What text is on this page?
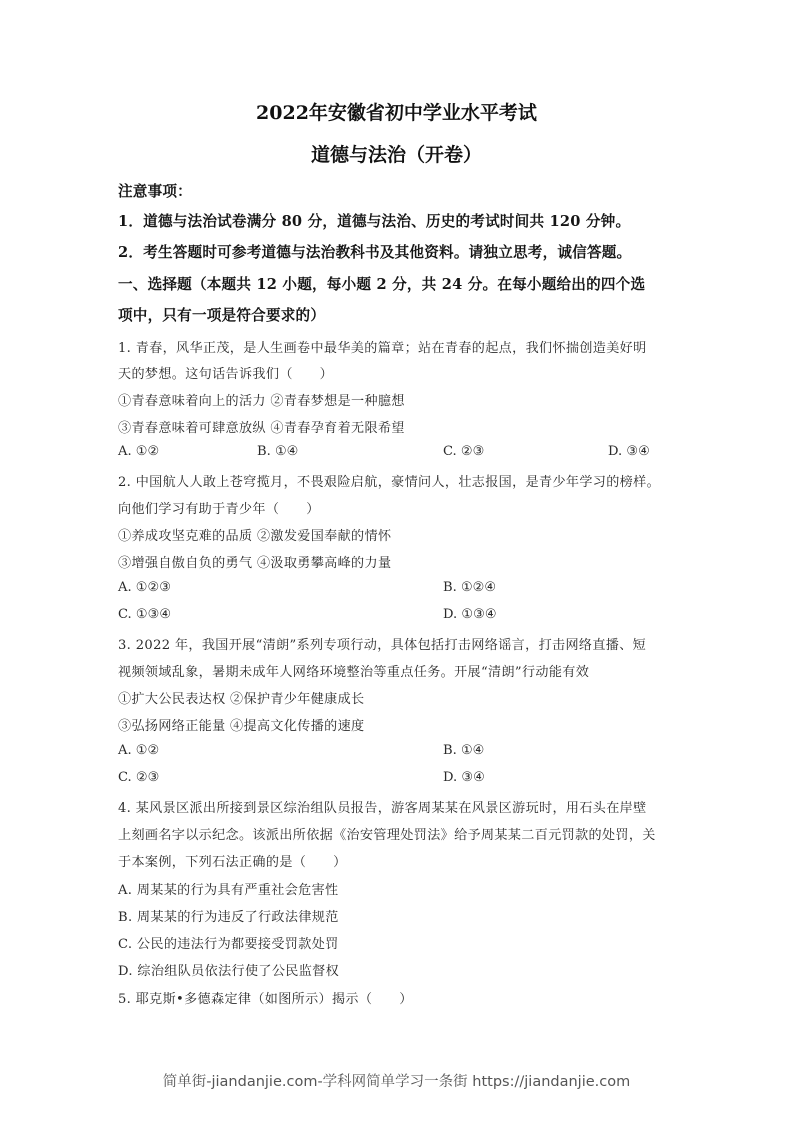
2022年安徽省初中学业水平考试
道德与法治（开卷）
注意事项：
1．道德与法治试卷满分 80 分，道德与法治、历史的考试时间共 120 分钟。
2．考生答题时可参考道德与法治教科书及其他资料。请独立思考，诚信答题。
一、选择题（本题共 12 小题，每小题 2 分，共 24 分。在每小题给出的四个选
项中，只有一项是符合要求的）
1. 青春，风华正茂，是人生画卷中最华美的篇章；站在青春的起点，我们怀揣创造美好明
天的梦想。这句话告诉我们（　　）
①青春意味着向上的活力 ②青春梦想是一种臆想
③青春意味着可肆意放纵 ④青春孕育着无限希望
A. ①②	B. ①④	C. ②③	D. ③④
2. 中国航人人敢上苍穹揽月，不畏艰险启航，豪情问人，壮志报国，是青少年学习的榜样。
向他们学习有助于青少年（　　）
①养成攻坚克难的品质 ②激发爱国奉献的情怀
③增强自傲自负的勇气 ④汲取勇攀高峰的力量
A. ①②③	B. ①②④
C. ①③④	D. ①③④
3. 2022 年，我国开展“清朗”系列专项行动，具体包括打击网络谣言，打击网络直播、短
视频领域乱象，暑期未成年人网络环境整治等重点任务。开展“清朗”行动能有效
①扩大公民表达权 ②保护青少年健康成长
③弘扬网络正能量 ④提高文化传播的速度
A. ①②	B. ①④
C. ②③	D. ③④
4. 某风景区派出所接到景区综治组队员报告，游客周某某在风景区游玩时，用石头在岸壁
上刻画名字以示纪念。该派出所依据《治安管理处罚法》给予周某某二百元罚款的处罚，关
于本案例，下列石法正确的是（　　）
A. 周某某的行为具有严重社会危害性
B. 周某某的行为违反了行政法律规范
C. 公民的违法行为都要接受罚款处罚
D. 综治组队员依法行使了公民监督权
5. 耶克斯•多德森定律（如图所示）揭示（　　）
简单街-jiandanjie.com-学科网简单学习一条街 https://jiandanjie.com
